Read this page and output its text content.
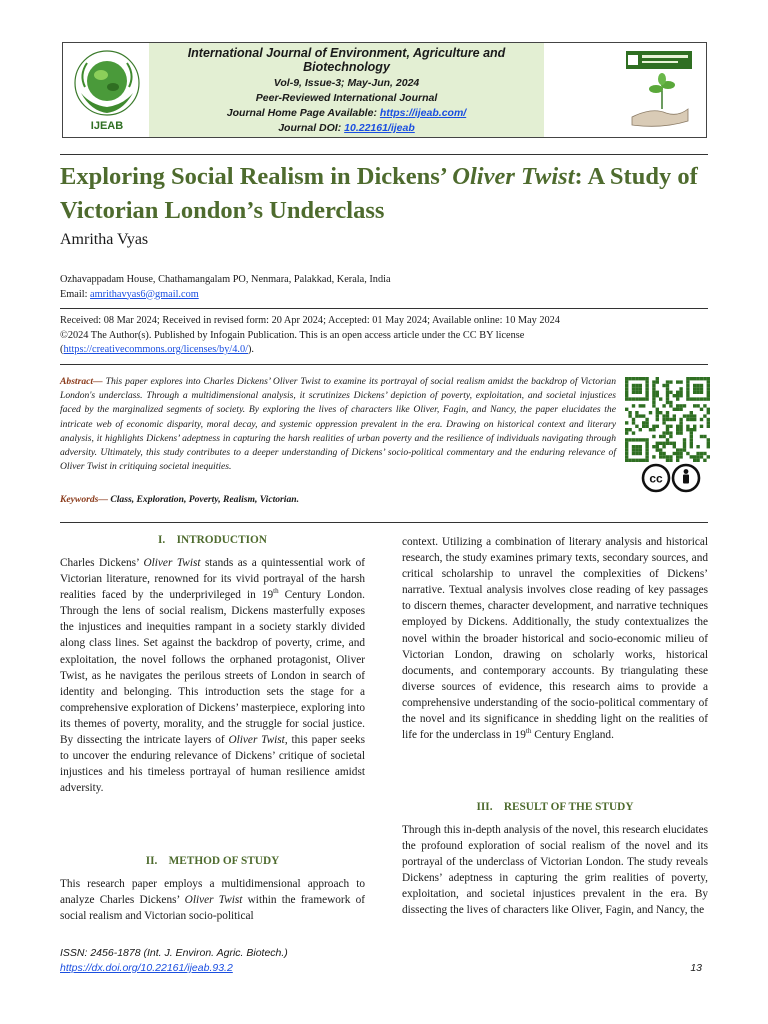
IJEAB
International Journal of Environment, Agriculture and Biotechnology
Vol-9, Issue-3; May-Jun, 2024
Peer-Reviewed International Journal
Journal Home Page Available: https://ijeab.com/
Journal DOI: 10.22161/ijeab
Exploring Social Realism in Dickens’ Oliver Twist: A Study of Victorian London’s Underclass
Amritha Vyas
Ozhavappadam House, Chathamangalam PO, Nenmara, Palakkad, Kerala, India
Email: amrithavyas6@gmail.com
Received: 08 Mar 2024; Received in revised form: 20 Apr 2024; Accepted: 01 May 2024; Available online: 10 May 2024
©2024 The Author(s). Published by Infogain Publication. This is an open access article under the CC BY license
(https://creativecommons.org/licenses/by/4.0/).
Abstract— This paper explores into Charles Dickens’ Oliver Twist to examine its portrayal of social realism amidst the backdrop of Victorian London's underclass. Through a multidimensional analysis, it scrutinizes Dickens’ depiction of poverty, exploitation, and societal injustices faced by the marginalized segments of society. By exploring the lives of characters like Oliver, Fagin, and Nancy, the paper elucidates the intricate web of economic disparity, moral decay, and systemic oppression prevalent in the era. Drawing on historical context and literary analysis, it highlights Dickens’ adeptness in capturing the harsh realities of urban poverty and the resilience of individuals navigating through adversity. Ultimately, this study contributes to a deeper understanding of Dickens’ socio-political commentary and the enduring relevance of Oliver Twist in critiquing societal inequities.
cc
Keywords— Class, Exploration, Poverty, Realism, Victorian.
I. INTRODUCTION
Charles Dickens’ Oliver Twist stands as a quintessential work of Victorian literature, renowned for its vivid portrayal of the harsh realities faced by the underprivileged in 19th Century London. Through the lens of social realism, Dickens masterfully exposes the injustices and inequities rampant in a society starkly divided along class lines. Set against the backdrop of poverty, crime, and exploitation, the novel follows the orphaned protagonist, Oliver Twist, as he navigates the perilous streets of London in search of identity and belonging. This introduction sets the stage for a comprehensive exploration of Dickens’ masterpiece, exploring into its themes of poverty, morality, and the struggle for social justice. By dissecting the intricate layers of Oliver Twist, this paper seeks to uncover the enduring relevance of Dickens’ critique of societal injustices and his timeless portrayal of human resilience amidst adversity.
II. METHOD OF STUDY
This research paper employs a multidimensional approach to analyze Charles Dickens’ Oliver Twist within the framework of social realism and Victorian socio-political
context. Utilizing a combination of literary analysis and historical research, the study examines primary texts, secondary sources, and critical scholarship to unravel the complexities of Dickens’ narrative. Textual analysis involves close reading of key passages to discern themes, character development, and narrative techniques employed by Dickens. Additionally, the study contextualizes the novel within the broader historical and socio-economic milieu of Victorian London, drawing on scholarly works, historical documents, and contemporary accounts. By triangulating these diverse sources of evidence, this research aims to provide a comprehensive understanding of the socio-political commentary of the novel and its significance in shedding light on the realities of life for the underclass in 19th Century England.
III. RESULT OF THE STUDY
Through this in-depth analysis of the novel, this research elucidates the profound exploration of social realism of the novel and its portrayal of the underclass of Victorian London. The study reveals Dickens’ adeptness in capturing the grim realities of poverty, exploitation, and societal injustices prevalent in the era. By dissecting the lives of characters like Oliver, Fagin, and Nancy, the
ISSN: 2456-1878 (Int. J. Environ. Agric. Biotech.)
https://dx.doi.org/10.22161/ijeab.93.2	13
